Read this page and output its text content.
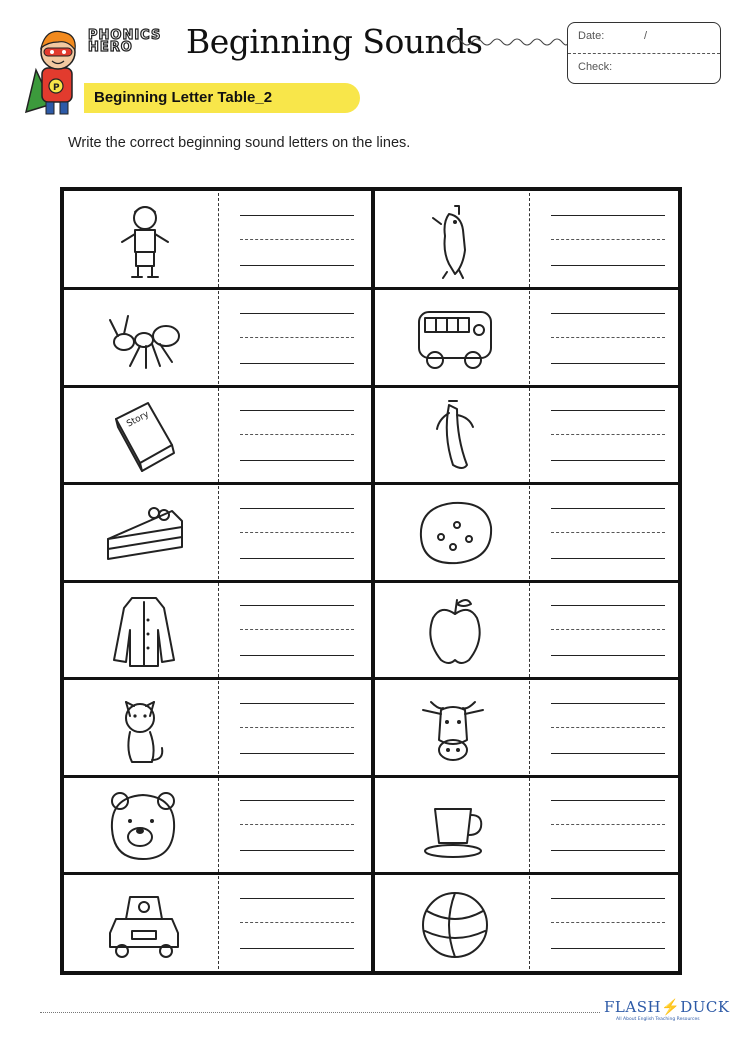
P
PHONICS
HERO	Beginning Sounds
Beginning Letter Table_2
Date:	/
Check:
Write the correct beginning sound letters on the lines.
Story
FLASH⚡DUCK
All About English Teaching Resources
